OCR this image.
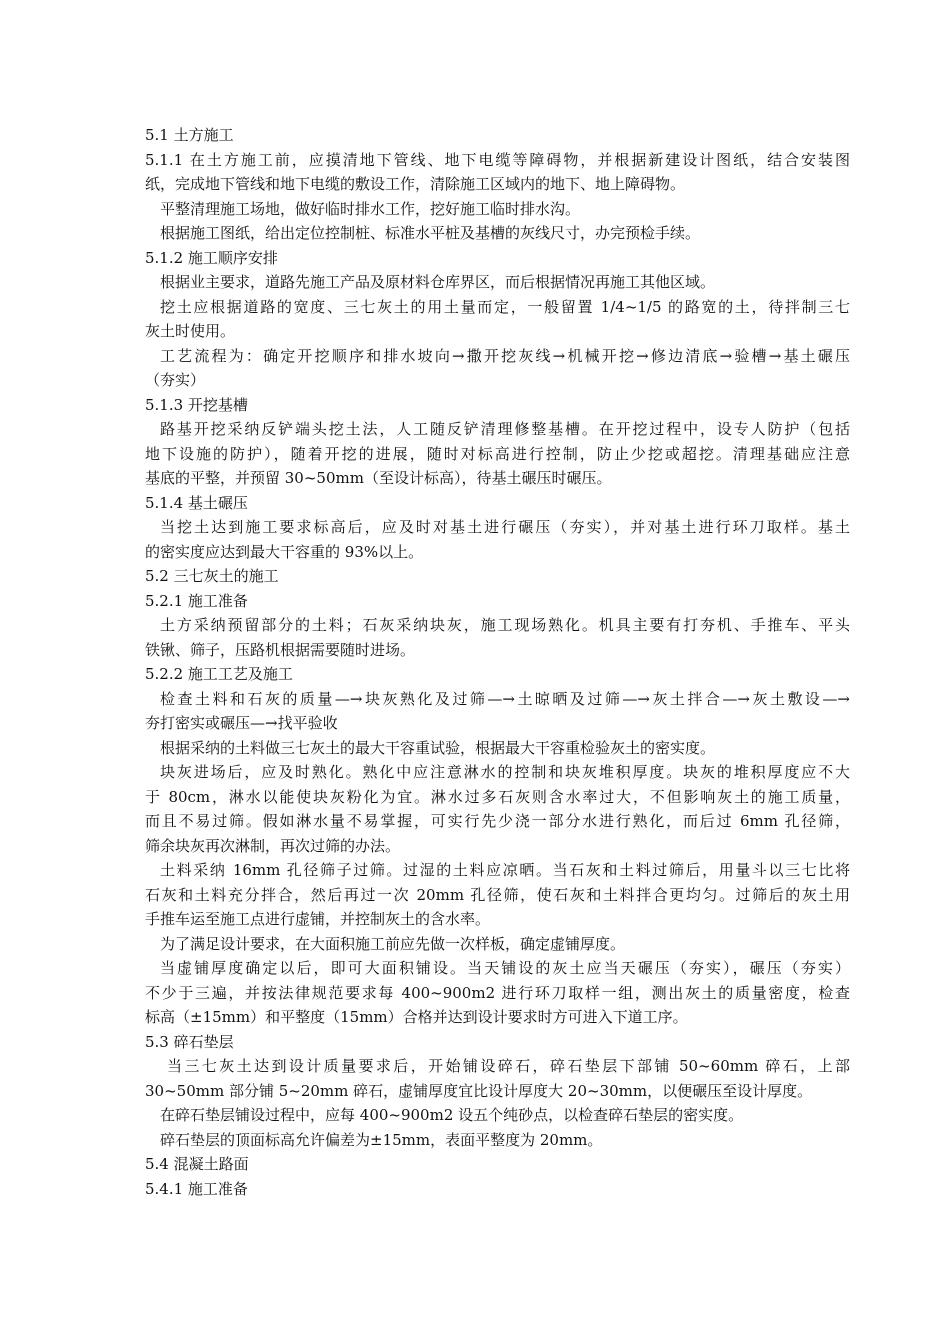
5.1 土方施工
5.1.1 在土方施工前，应摸清地下管线、地下电缆等障碍物，并根据新建设计图纸，结合安装图
纸，完成地下管线和地下电缆的敷设工作，清除施工区域内的地下、地上障碍物。
平整清理施工场地，做好临时排水工作，挖好施工临时排水沟。
根据施工图纸，给出定位控制桩、标准水平桩及基槽的灰线尺寸，办完预检手续。
5.1.2 施工顺序安排
根据业主要求，道路先施工产品及原材料仓库界区，而后根据情况再施工其他区域。
挖土应根据道路的宽度、三七灰土的用土量而定，一般留置 1/4~1/5 的路宽的土，待拌制三七
灰土时使用。
工艺流程为：确定开挖顺序和排水坡向→撒开挖灰线→机械开挖→修边清底→验槽→基土碾压
（夯实）
5.1.3 开挖基槽
路基开挖采纳反铲端头挖土法，人工随反铲清理修整基槽。在开挖过程中，设专人防护（包括
地下设施的防护），随着开挖的进展，随时对标高进行控制，防止少挖或超挖。清理基础应注意
基底的平整，并预留 30~50mm（至设计标高），待基土碾压时碾压。
5.1.4 基土碾压
当挖土达到施工要求标高后，应及时对基土进行碾压（夯实），并对基土进行环刀取样。基土
的密实度应达到最大干容重的 93%以上。
5.2 三七灰土的施工
5.2.1 施工准备
土方采纳预留部分的土料；石灰采纳块灰，施工现场熟化。机具主要有打夯机、手推车、平头
铁锹、筛子，压路机根据需要随时进场。
5.2.2 施工工艺及施工
检查土料和石灰的质量—→块灰熟化及过筛—→土晾晒及过筛—→灰土拌合—→灰土敷设—→
夯打密实或碾压—→找平验收
根据采纳的土料做三七灰土的最大干容重试验，根据最大干容重检验灰土的密实度。
块灰进场后，应及时熟化。熟化中应注意淋水的控制和块灰堆积厚度。块灰的堆积厚度应不大
于 80cm，淋水以能使块灰粉化为宜。淋水过多石灰则含水率过大，不但影响灰土的施工质量，
而且不易过筛。假如淋水量不易掌握，可实行先少浇一部分水进行熟化，而后过 6mm 孔径筛，
筛余块灰再次淋制，再次过筛的办法。
土料采纳 16mm 孔径筛子过筛。过湿的土料应凉晒。当石灰和土料过筛后，用量斗以三七比将
石灰和土料充分拌合，然后再过一次 20mm 孔径筛，使石灰和土料拌合更均匀。过筛后的灰土用
手推车运至施工点进行虚铺，并控制灰土的含水率。
为了满足设计要求，在大面积施工前应先做一次样板，确定虚铺厚度。
当虚铺厚度确定以后，即可大面积铺设。当天铺设的灰土应当天碾压（夯实），碾压（夯实）
不少于三遍，并按法律规范要求每 400~900m2 进行环刀取样一组，测出灰土的质量密度，检查
标高（±15mm）和平整度（15mm）合格并达到设计要求时方可进入下道工序。
5.3 碎石垫层
当三七灰土达到设计质量要求后，开始铺设碎石，碎石垫层下部铺 50~60mm 碎石，上部
30~50mm 部分铺 5~20mm 碎石，虚铺厚度宜比设计厚度大 20~30mm，以便碾压至设计厚度。
在碎石垫层铺设过程中，应每 400~900m2 设五个纯砂点，以检查碎石垫层的密实度。
碎石垫层的顶面标高允许偏差为±15mm，表面平整度为 20mm。
5.4 混凝土路面
5.4.1 施工准备
